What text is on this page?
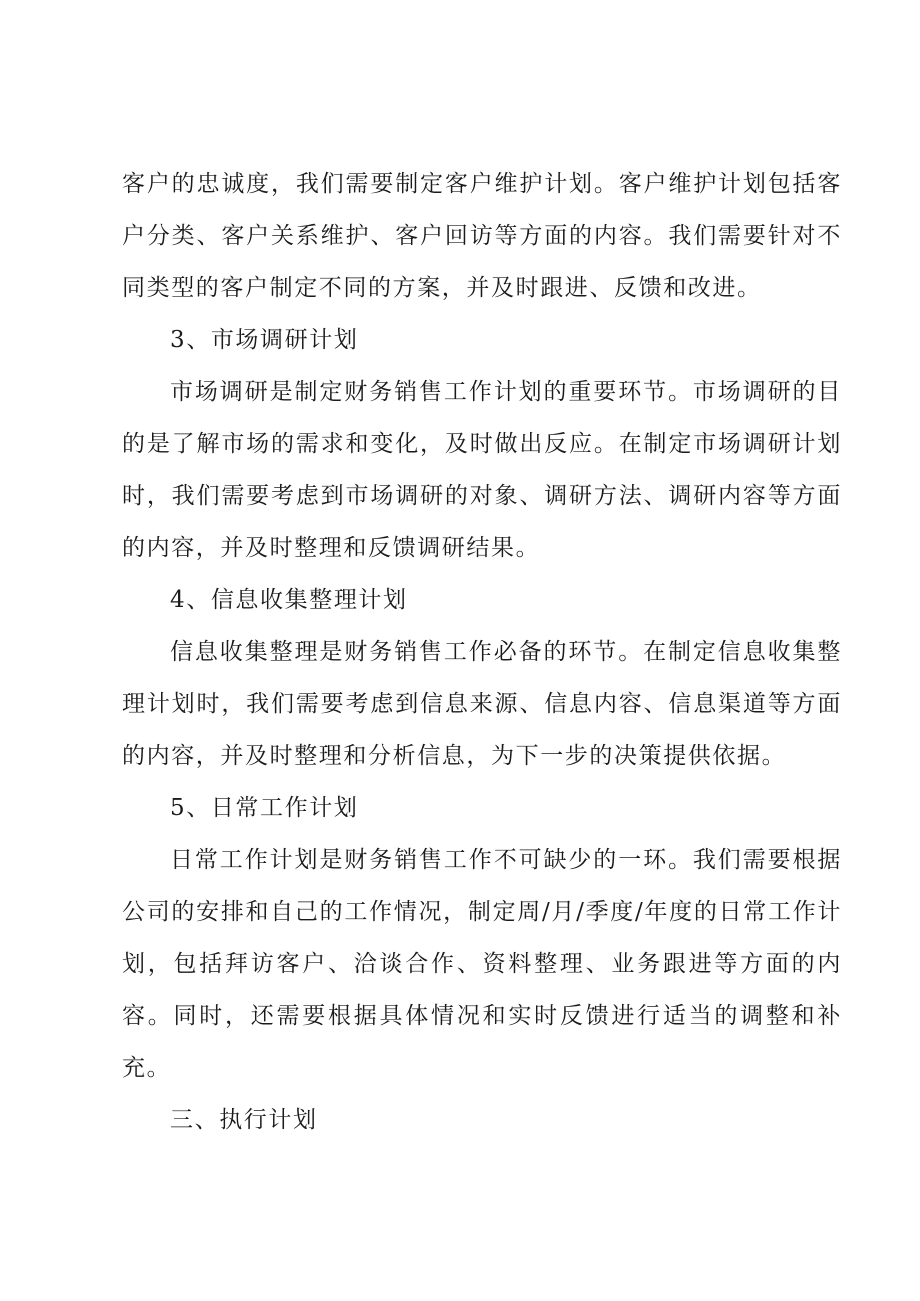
客户的忠诚度，我们需要制定客户维护计划。客户维护计划包括客户分类、客户关系维护、客户回访等方面的内容。我们需要针对不同类型的客户制定不同的方案，并及时跟进、反馈和改进。

3、市场调研计划

市场调研是制定财务销售工作计划的重要环节。市场调研的目的是了解市场的需求和变化，及时做出反应。在制定市场调研计划时，我们需要考虑到市场调研的对象、调研方法、调研内容等方面的内容，并及时整理和反馈调研结果。

4、信息收集整理计划

信息收集整理是财务销售工作必备的环节。在制定信息收集整理计划时，我们需要考虑到信息来源、信息内容、信息渠道等方面的内容，并及时整理和分析信息，为下一步的决策提供依据。

5、日常工作计划

日常工作计划是财务销售工作不可缺少的一环。我们需要根据公司的安排和自己的工作情况，制定周/月/季度/年度的日常工作计划，包括拜访客户、洽谈合作、资料整理、业务跟进等方面的内容。同时，还需要根据具体情况和实时反馈进行适当的调整和补充。

三、执行计划
